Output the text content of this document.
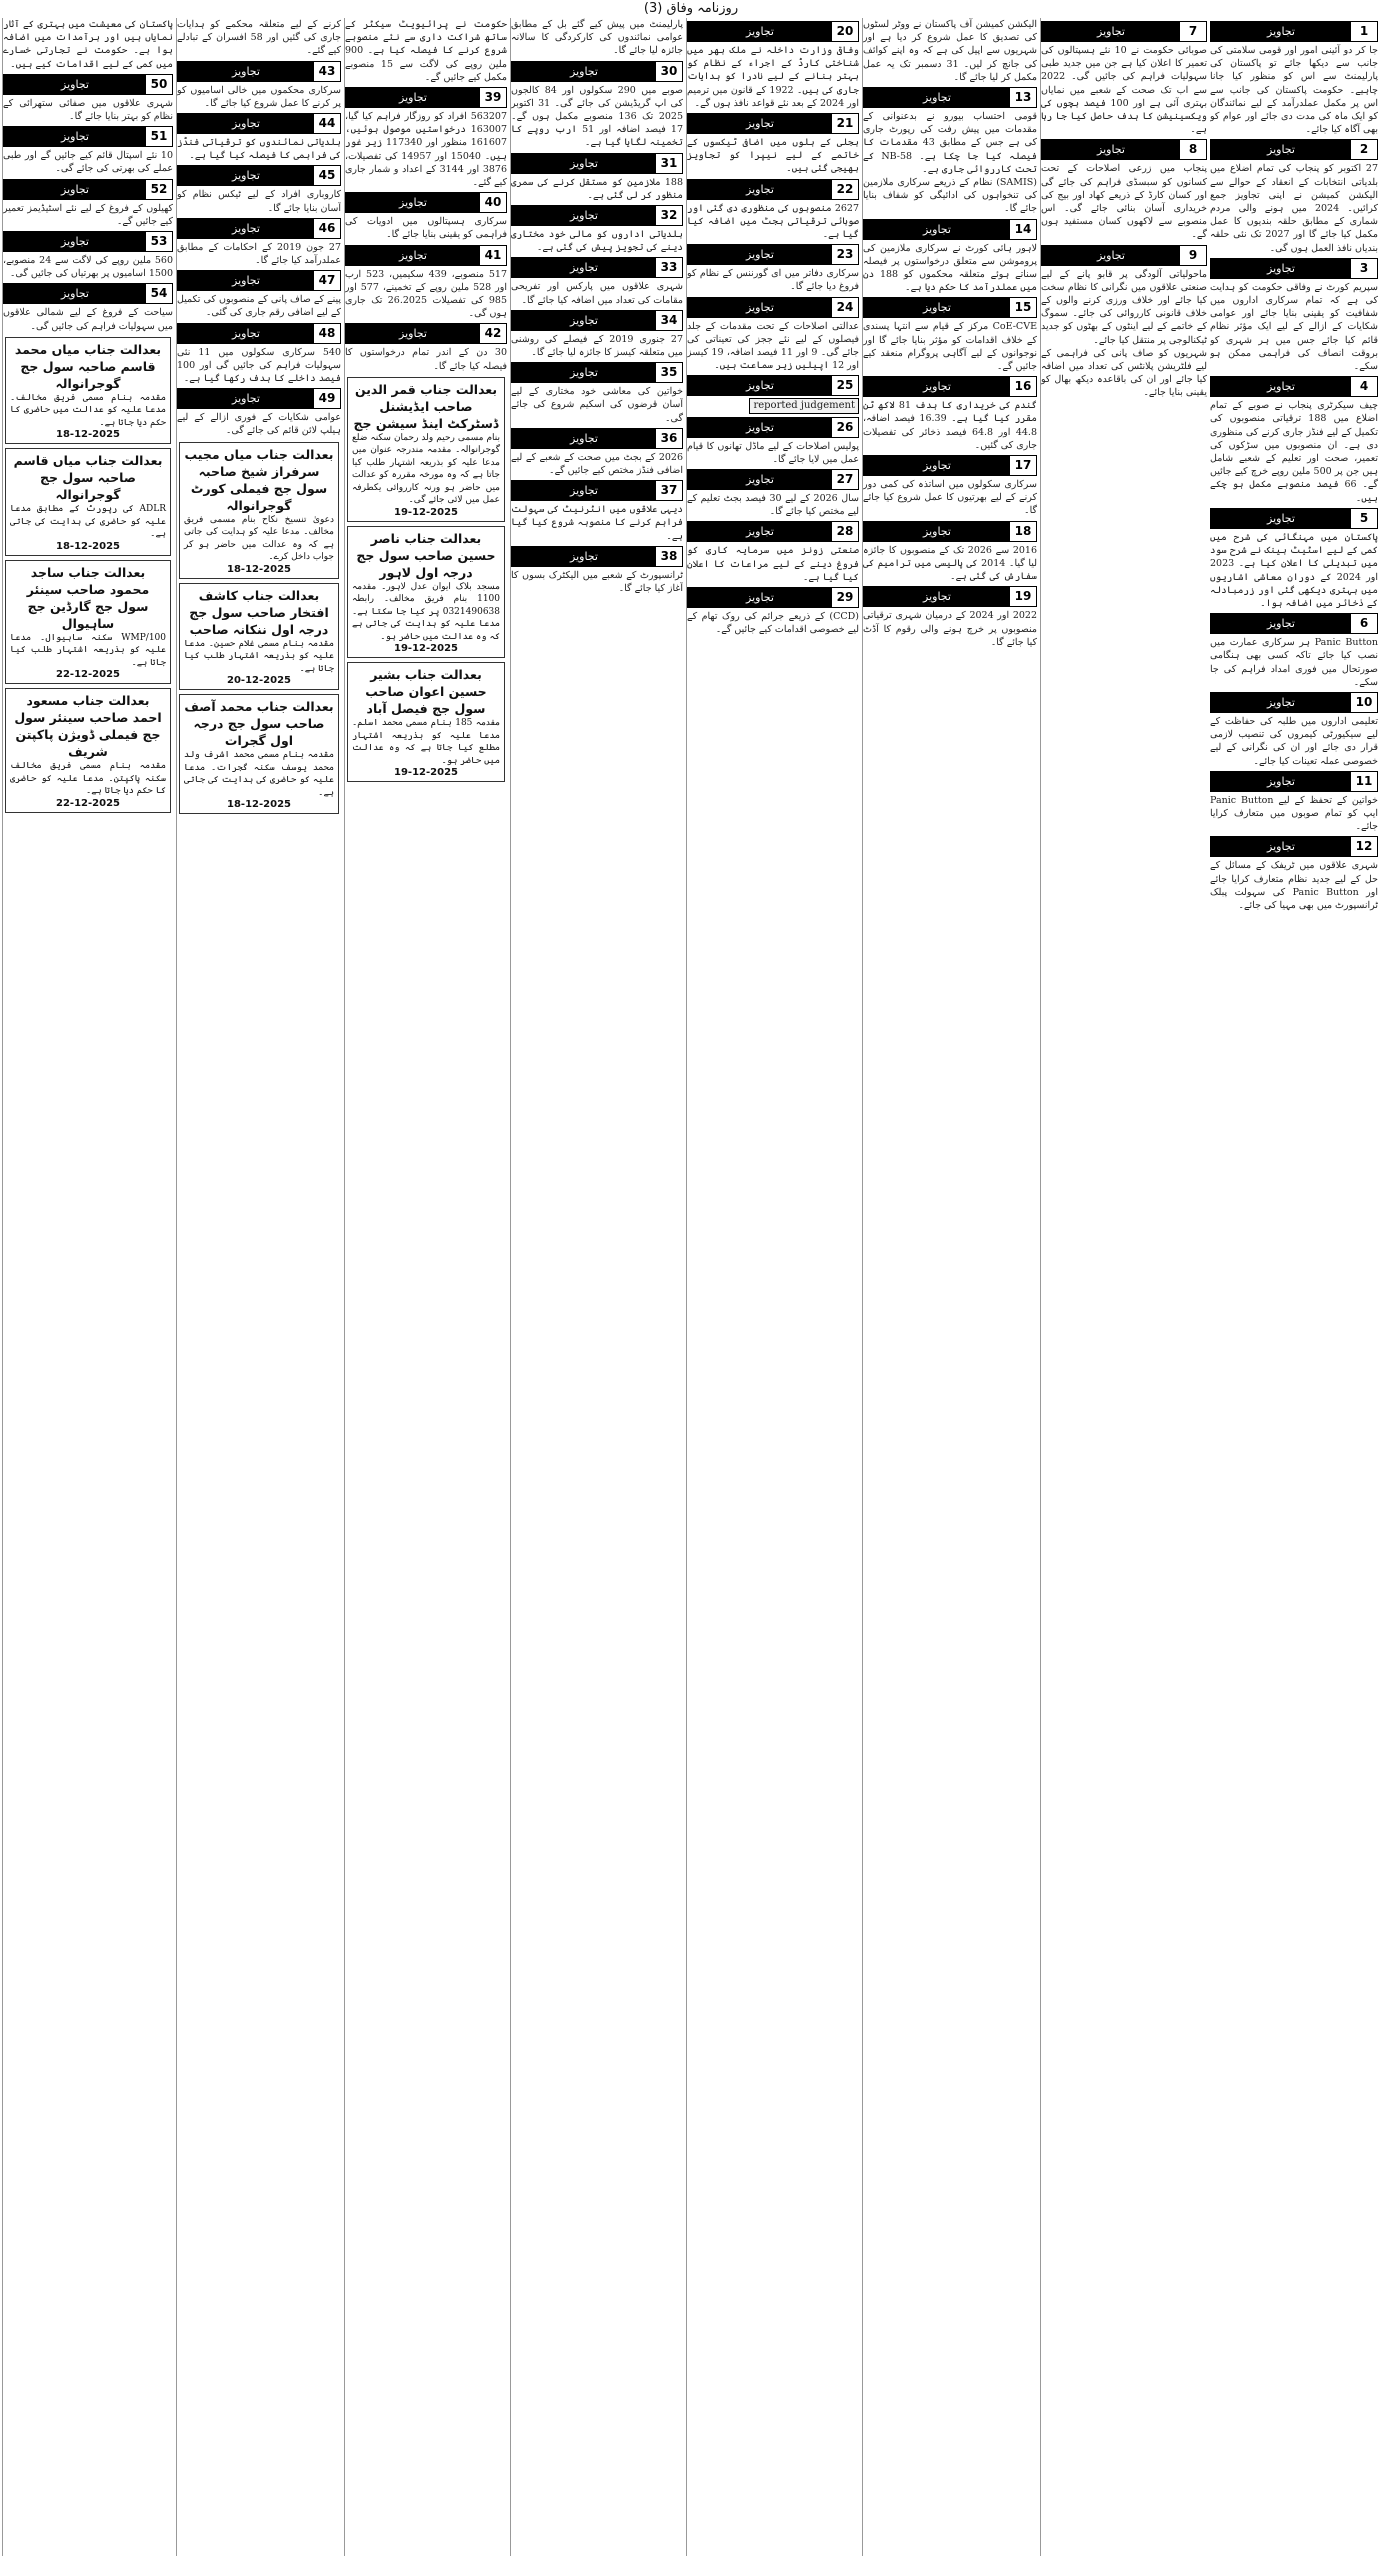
روزنامہ وفاق (3)
1
تجاویز

جا کر دو آئینی امور اور قومی سلامتی کی جانب سے دیکھا جائے تو پاکستان کی پارلیمنٹ سے اس کو منظور کیا جانا چاہیے۔ حکومت پاکستان کی جانب سے اس پر مکمل عملدرآمد کے لیے نمائندگان کو ایک ماہ کی مدت دی جائے اور عوام کو بھی آگاہ کیا جائے۔

2
تجاویز

27 اکتوبر کو پنجاب کی تمام اضلاع میں بلدیاتی انتخابات کے انعقاد کے حوالے سے الیکشن کمیشن نے اپنی تجاویز جمع کرائیں۔ 2024 میں ہونے والی مردم شماری کے مطابق حلقہ بندیوں کا عمل مکمل کیا جائے گا اور 2027 تک نئی حلقہ بندیاں نافذ العمل ہوں گی۔

3
تجاویز

سپریم کورٹ نے وفاقی حکومت کو ہدایت کی ہے کہ تمام سرکاری اداروں میں شفافیت کو یقینی بنایا جائے اور عوامی شکایات کے ازالے کے لیے ایک مؤثر نظام قائم کیا جائے جس میں ہر شہری کو بروقت انصاف کی فراہمی ممکن ہو سکے۔

4
تجاویز

چیف سیکرٹری پنجاب نے صوبے کے تمام اضلاع میں 188 ترقیاتی منصوبوں کی تکمیل کے لیے فنڈز جاری کرنے کی منظوری دی ہے۔ ان منصوبوں میں سڑکوں کی تعمیر، صحت اور تعلیم کے شعبے شامل ہیں جن پر 500 ملین روپے خرچ کیے جائیں گے۔ 66 فیصد منصوبے مکمل ہو چکے ہیں۔

5
تجاویز

پاکستان میں مہنگائی کی شرح میں کمی کے لیے اسٹیٹ بینک نے شرح سود میں تبدیلی کا اعلان کیا ہے۔ 2023 اور 2024 کے دوران معاشی اشاریوں میں بہتری دیکھی گئی اور زرمبادلہ کے ذخائر میں اضافہ ہوا۔

6
تجاویز

Panic Button ہر سرکاری عمارت میں نصب کیا جائے تاکہ کسی بھی ہنگامی صورتحال میں فوری امداد فراہم کی جا سکے۔

10
تجاویز

تعلیمی اداروں میں طلبہ کی حفاظت کے لیے سیکیورٹی کیمروں کی تنصیب لازمی قرار دی جائے اور ان کی نگرانی کے لیے خصوصی عملہ تعینات کیا جائے۔

11
تجاویز

خواتین کے تحفظ کے لیے Panic Button ایپ کو تمام صوبوں میں متعارف کرایا جائے۔

12
تجاویز

شہری علاقوں میں ٹریفک کے مسائل کے حل کے لیے جدید نظام متعارف کرایا جائے اور Panic Button کی سہولت پبلک ٹرانسپورٹ میں بھی مہیا کی جائے۔

7
تجاویز

صوبائی حکومت نے 10 نئے ہسپتالوں کی تعمیر کا اعلان کیا ہے جن میں جدید طبی سہولیات فراہم کی جائیں گی۔ 2022 سے اب تک صحت کے شعبے میں نمایاں بہتری آئی ہے اور 100 فیصد بچوں کی ویکسینیشن کا ہدف حاصل کیا جا رہا ہے۔

8
تجاویز

پنجاب میں زرعی اصلاحات کے تحت کسانوں کو سبسڈی فراہم کی جائے گی اور کسان کارڈ کے ذریعے کھاد اور بیج کی خریداری آسان بنائی جائے گی۔ اس منصوبے سے لاکھوں کسان مستفید ہوں گے۔

9
تجاویز

ماحولیاتی آلودگی پر قابو پانے کے لیے صنعتی علاقوں میں نگرانی کا نظام سخت کیا جائے اور خلاف ورزی کرنے والوں کے خلاف قانونی کارروائی کی جائے۔ سموگ کے خاتمے کے لیے اینٹوں کے بھٹوں کو جدید ٹیکنالوجی پر منتقل کیا جائے۔

شہریوں کو صاف پانی کی فراہمی کے لیے فلٹریشن پلانٹس کی تعداد میں اضافہ کیا جائے اور ان کی باقاعدہ دیکھ بھال کو یقینی بنایا جائے۔

الیکشن کمیشن آف پاکستان نے ووٹر لسٹوں کی تصدیق کا عمل شروع کر دیا ہے اور شہریوں سے اپیل کی ہے کہ وہ اپنے کوائف کی جانچ کر لیں۔ 31 دسمبر تک یہ عمل مکمل کر لیا جائے گا۔

13
تجاویز

قومی احتساب بیورو نے بدعنوانی کے مقدمات میں پیش رفت کی رپورٹ جاری کی ہے جس کے مطابق 43 مقدمات کا فیصلہ کیا جا چکا ہے۔ NB-58 کے تحت کارروائی جاری ہے۔

(SAMIS) نظام کے ذریعے سرکاری ملازمین کی تنخواہوں کی ادائیگی کو شفاف بنایا جائے گا۔

14
تجاویز

لاہور ہائی کورٹ نے سرکاری ملازمین کی پروموشن سے متعلق درخواستوں پر فیصلہ سناتے ہوئے متعلقہ محکموں کو 188 دن میں عملدرآمد کا حکم دیا ہے۔

15
تجاویز

CoE-CVE مرکز کے قیام سے انتہا پسندی کے خلاف اقدامات کو مؤثر بنایا جائے گا اور نوجوانوں کے لیے آگاہی پروگرام منعقد کیے جائیں گے۔

16
تجاویز

گندم کی خریداری کا ہدف 81 لاکھ ٹن مقرر کیا گیا ہے۔ 16.39 فیصد اضافہ، 44.8 اور 64.8 فیصد ذخائر کی تفصیلات جاری کی گئیں۔

17
تجاویز

سرکاری سکولوں میں اساتذہ کی کمی دور کرنے کے لیے بھرتیوں کا عمل شروع کیا جائے گا۔

18
تجاویز

2016 سے 2026 تک کے منصوبوں کا جائزہ لیا گیا۔ 2014 کی پالیسی میں ترامیم کی سفارش کی گئی ہے۔

19
تجاویز

2022 اور 2024 کے درمیان شہری ترقیاتی منصوبوں پر خرچ ہونے والی رقوم کا آڈٹ کیا جائے گا۔

20
تجاویز

وفاقی وزارت داخلہ نے ملک بھر میں شناختی کارڈ کے اجراء کے نظام کو بہتر بنانے کے لیے نادرا کو ہدایات جاری کی ہیں۔ 1922 کے قانون میں ترمیم اور 2024 کے بعد نئے قواعد نافذ ہوں گے۔

21
تجاویز

بجلی کے بلوں میں اضافی ٹیکسوں کے خاتمے کے لیے نیپرا کو تجاویز بھیجی گئی ہیں۔

22
تجاویز

2627 منصوبوں کی منظوری دی گئی اور صوبائی ترقیاتی بجٹ میں اضافہ کیا گیا ہے۔

23
تجاویز

سرکاری دفاتر میں ای گورننس کے نظام کو فروغ دیا جائے گا۔

24
تجاویز

عدالتی اصلاحات کے تحت مقدمات کے جلد فیصلوں کے لیے نئے ججز کی تعیناتی کی جائے گی۔ 9 اور 11 فیصد اضافہ، 19 کیسز اور 12 اپیلیں زیر سماعت ہیں۔

25
تجاویز

reported judgement

26
تجاویز

پولیس اصلاحات کے لیے ماڈل تھانوں کا قیام عمل میں لایا جائے گا۔

27
تجاویز

سال 2026 کے لیے 30 فیصد بجٹ تعلیم کے لیے مختص کیا جائے گا۔

28
تجاویز

صنعتی زونز میں سرمایہ کاری کو فروغ دینے کے لیے مراعات کا اعلان کیا گیا ہے۔

29
تجاویز

(CCD) کے ذریعے جرائم کی روک تھام کے لیے خصوصی اقدامات کیے جائیں گے۔

پارلیمنٹ میں پیش کیے گئے بل کے مطابق عوامی نمائندوں کی کارکردگی کا سالانہ جائزہ لیا جائے گا۔

30
تجاویز

صوبے میں 290 سکولوں اور 84 کالجوں کی اپ گریڈیشن کی جائے گی۔ 31 اکتوبر 2025 تک 136 منصوبے مکمل ہوں گے۔ 17 فیصد اضافہ اور 51 ارب روپے کا تخمینہ لگایا گیا ہے۔

31
تجاویز

188 ملازمین کو مستقل کرنے کی سمری منظور کر لی گئی ہے۔

32
تجاویز

بلدیاتی اداروں کو مالی خود مختاری دینے کی تجویز پیش کی گئی ہے۔

33
تجاویز

شہری علاقوں میں پارکس اور تفریحی مقامات کی تعداد میں اضافہ کیا جائے گا۔

34
تجاویز

27 جنوری 2019 کے فیصلے کی روشنی میں متعلقہ کیسز کا جائزہ لیا جائے گا۔

35
تجاویز

خواتین کی معاشی خود مختاری کے لیے آسان قرضوں کی اسکیم شروع کی جائے گی۔

36
تجاویز

2026 کے بجٹ میں صحت کے شعبے کے لیے اضافی فنڈز مختص کیے جائیں گے۔

37
تجاویز

دیہی علاقوں میں انٹرنیٹ کی سہولت فراہم کرنے کا منصوبہ شروع کیا گیا ہے۔

38
تجاویز

ٹرانسپورٹ کے شعبے میں الیکٹرک بسوں کا آغاز کیا جائے گا۔

حکومت نے پرائیویٹ سیکٹر کے ساتھ شراکت داری سے نئے منصوبے شروع کرنے کا فیصلہ کیا ہے۔ 900 ملین روپے کی لاگت سے 15 منصوبے مکمل کیے جائیں گے۔

39
تجاویز

563207 افراد کو روزگار فراہم کیا گیا، 163007 درخواستیں موصول ہوئیں، 161607 منظور اور 117340 زیر غور ہیں۔ 15040 اور 14957 کی تفصیلات، 3876 اور 3144 کے اعداد و شمار جاری کیے گئے۔

40
تجاویز

سرکاری ہسپتالوں میں ادویات کی فراہمی کو یقینی بنایا جائے گا۔

41
تجاویز

517 منصوبے، 439 سکیمیں، 523 ارب اور 528 ملین روپے کے تخمینے، 577 اور 985 کی تفصیلات 26.2025 تک جاری ہوں گی۔

42
تجاویز

30 دن کے اندر تمام درخواستوں کا فیصلہ کیا جائے گا۔

بعدالت جناب قمر الدین صاحب ایڈیشنل ڈسٹرکٹ اینڈ سیشن جج
بنام مسمی رحیم ولد رحمان سکنہ ضلع گوجرانوالہ۔ مقدمہ مندرجہ عنوان میں مدعا علیہ کو بذریعہ اشتہار طلب کیا جاتا ہے کہ وہ مورخہ مقررہ کو عدالت میں حاضر ہو ورنہ کارروائی یکطرفہ عمل میں لائی جائے گی۔
19-12-2025
بعدالت جناب ناصر حسین صاحب سول جج درجہ اول لاہور
مسجد بلاک ایوان عدل لاہور۔ مقدمہ 1100 بنام فریق مخالف۔ رابطہ 0321490638 پر کیا جا سکتا ہے۔ مدعا علیہ کو ہدایت کی جاتی ہے کہ وہ عدالت میں حاضر ہو۔
19-12-2025
بعدالت جناب بشیر حسین اعوان صاحب سول جج فیصل آباد
مقدمہ 185 بنام مسمی محمد اسلم۔ مدعا علیہ کو بذریعہ اشتہار مطلع کیا جاتا ہے کہ وہ عدالت میں حاضر ہو۔
19-12-2025

کرنے کے لیے متعلقہ محکمے کو ہدایات جاری کی گئیں اور 58 افسران کے تبادلے کیے گئے۔

43
تجاویز

سرکاری محکموں میں خالی اسامیوں کو پر کرنے کا عمل شروع کیا جائے گا۔

44
تجاویز

بلدیاتی نمائندوں کو ترقیاتی فنڈز کی فراہمی کا فیصلہ کیا گیا ہے۔

45
تجاویز

کاروباری افراد کے لیے ٹیکس نظام کو آسان بنایا جائے گا۔

46
تجاویز

27 جون 2019 کے احکامات کے مطابق عملدرآمد کیا جائے گا۔

47
تجاویز

پینے کے صاف پانی کے منصوبوں کی تکمیل کے لیے اضافی رقم جاری کی گئی۔

48
تجاویز

540 سرکاری سکولوں میں 11 نئی سہولیات فراہم کی جائیں گی اور 100 فیصد داخلے کا ہدف رکھا گیا ہے۔

49
تجاویز

عوامی شکایات کے فوری ازالے کے لیے ہیلپ لائن قائم کی جائے گی۔

بعدالت جناب میاں مجیب سرفراز شیخ صاحبہ سول جج فیملی کورٹ گوجرانوالہ
دعویٰ تنسیخ نکاح بنام مسمی فریق مخالف۔ مدعا علیہ کو ہدایت کی جاتی ہے کہ وہ عدالت میں حاضر ہو کر جواب داخل کرے۔
18-12-2025
بعدالت جناب کاشف افتخار صاحب سول جج درجہ اول ننکانہ صاحب
مقدمہ بنام مسمی غلام حسین۔ مدعا علیہ کو بذریعہ اشتہار طلب کیا جاتا ہے۔
20-12-2025
بعدالت جناب محمد آصف صاحب سول جج درجہ اول گجرات
مقدمہ بنام مسمی محمد اشرف ولد محمد یوسف سکنہ گجرات۔ مدعا علیہ کو حاضری کی ہدایت کی جاتی ہے۔
18-12-2025

پاکستان کی معیشت میں بہتری کے آثار نمایاں ہیں اور برآمدات میں اضافہ ہوا ہے۔ حکومت نے تجارتی خسارے میں کمی کے لیے اقدامات کیے ہیں۔

50
تجاویز

شہری علاقوں میں صفائی ستھرائی کے نظام کو بہتر بنایا جائے گا۔

51
تجاویز

10 نئے اسپتال قائم کیے جائیں گے اور طبی عملے کی بھرتی کی جائے گی۔

52
تجاویز

کھیلوں کے فروغ کے لیے نئے اسٹیڈیمز تعمیر کیے جائیں گے۔

53
تجاویز

560 ملین روپے کی لاگت سے 24 منصوبے، 1500 اسامیوں پر بھرتیاں کی جائیں گی۔

54
تجاویز

سیاحت کے فروغ کے لیے شمالی علاقوں میں سہولیات فراہم کی جائیں گی۔

بعدالت جناب میاں محمد قاسم صاحبہ سول جج گوجرانوالہ
مقدمہ بنام مسمی فریق مخالف۔ مدعا علیہ کو عدالت میں حاضری کا حکم دیا جاتا ہے۔
18-12-2025
بعدالت جناب میاں قاسم صاحبہ سول جج گوجرانوالہ
ADLR کی رپورٹ کے مطابق مدعا علیہ کو حاضری کی ہدایت کی جاتی ہے۔
18-12-2025
بعدالت جناب ساجد محمود صاحب سینئر سول جج گارڈین جج ساہیوال
100/WMP سکنہ ساہیوال۔ مدعا علیہ کو بذریعہ اشتہار طلب کیا جاتا ہے۔
22-12-2025
بعدالت جناب مسعود احمد صاحب سینئر سول جج فیملی ڈویژن پاکپتن شریف
مقدمہ بنام مسمی فریق مخالف سکنہ پاکپتن۔ مدعا علیہ کو حاضری کا حکم دیا جاتا ہے۔
22-12-2025
